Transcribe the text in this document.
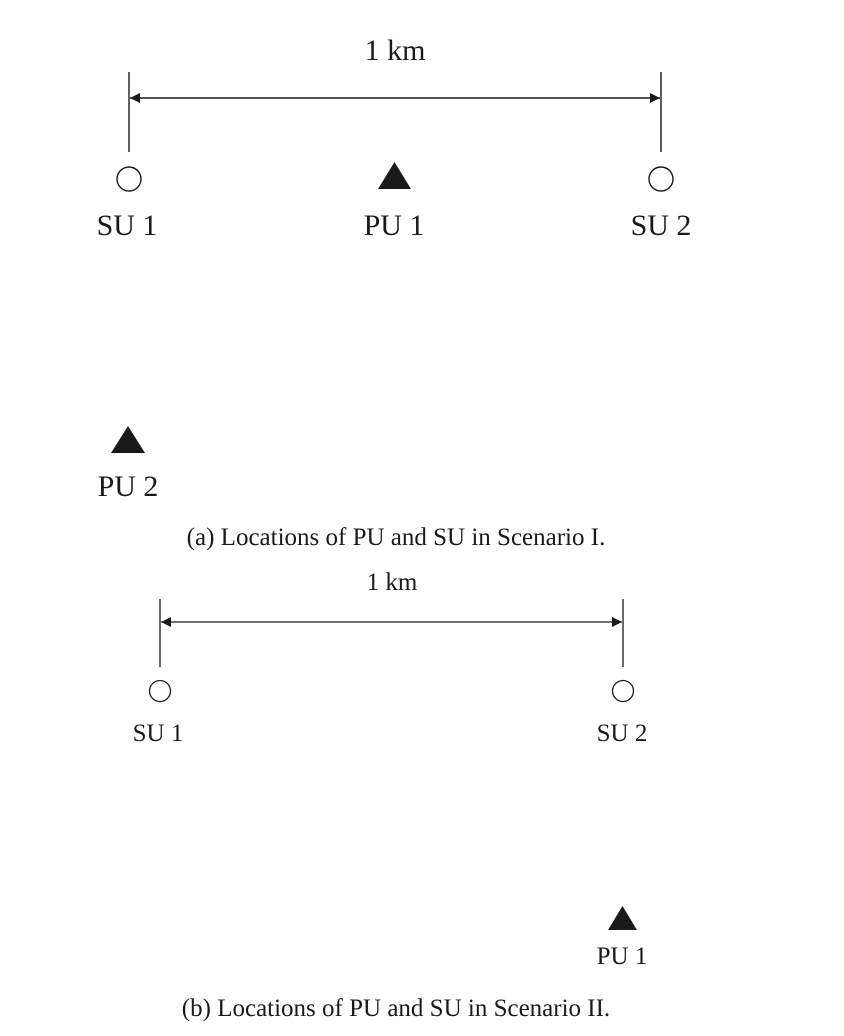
1 km
SU 1	PU 1	SU 2
PU 2
(a) Locations of PU and SU in Scenario I.
1 km
SU 1	SU 2
PU 1
(b) Locations of PU and SU in Scenario II.
